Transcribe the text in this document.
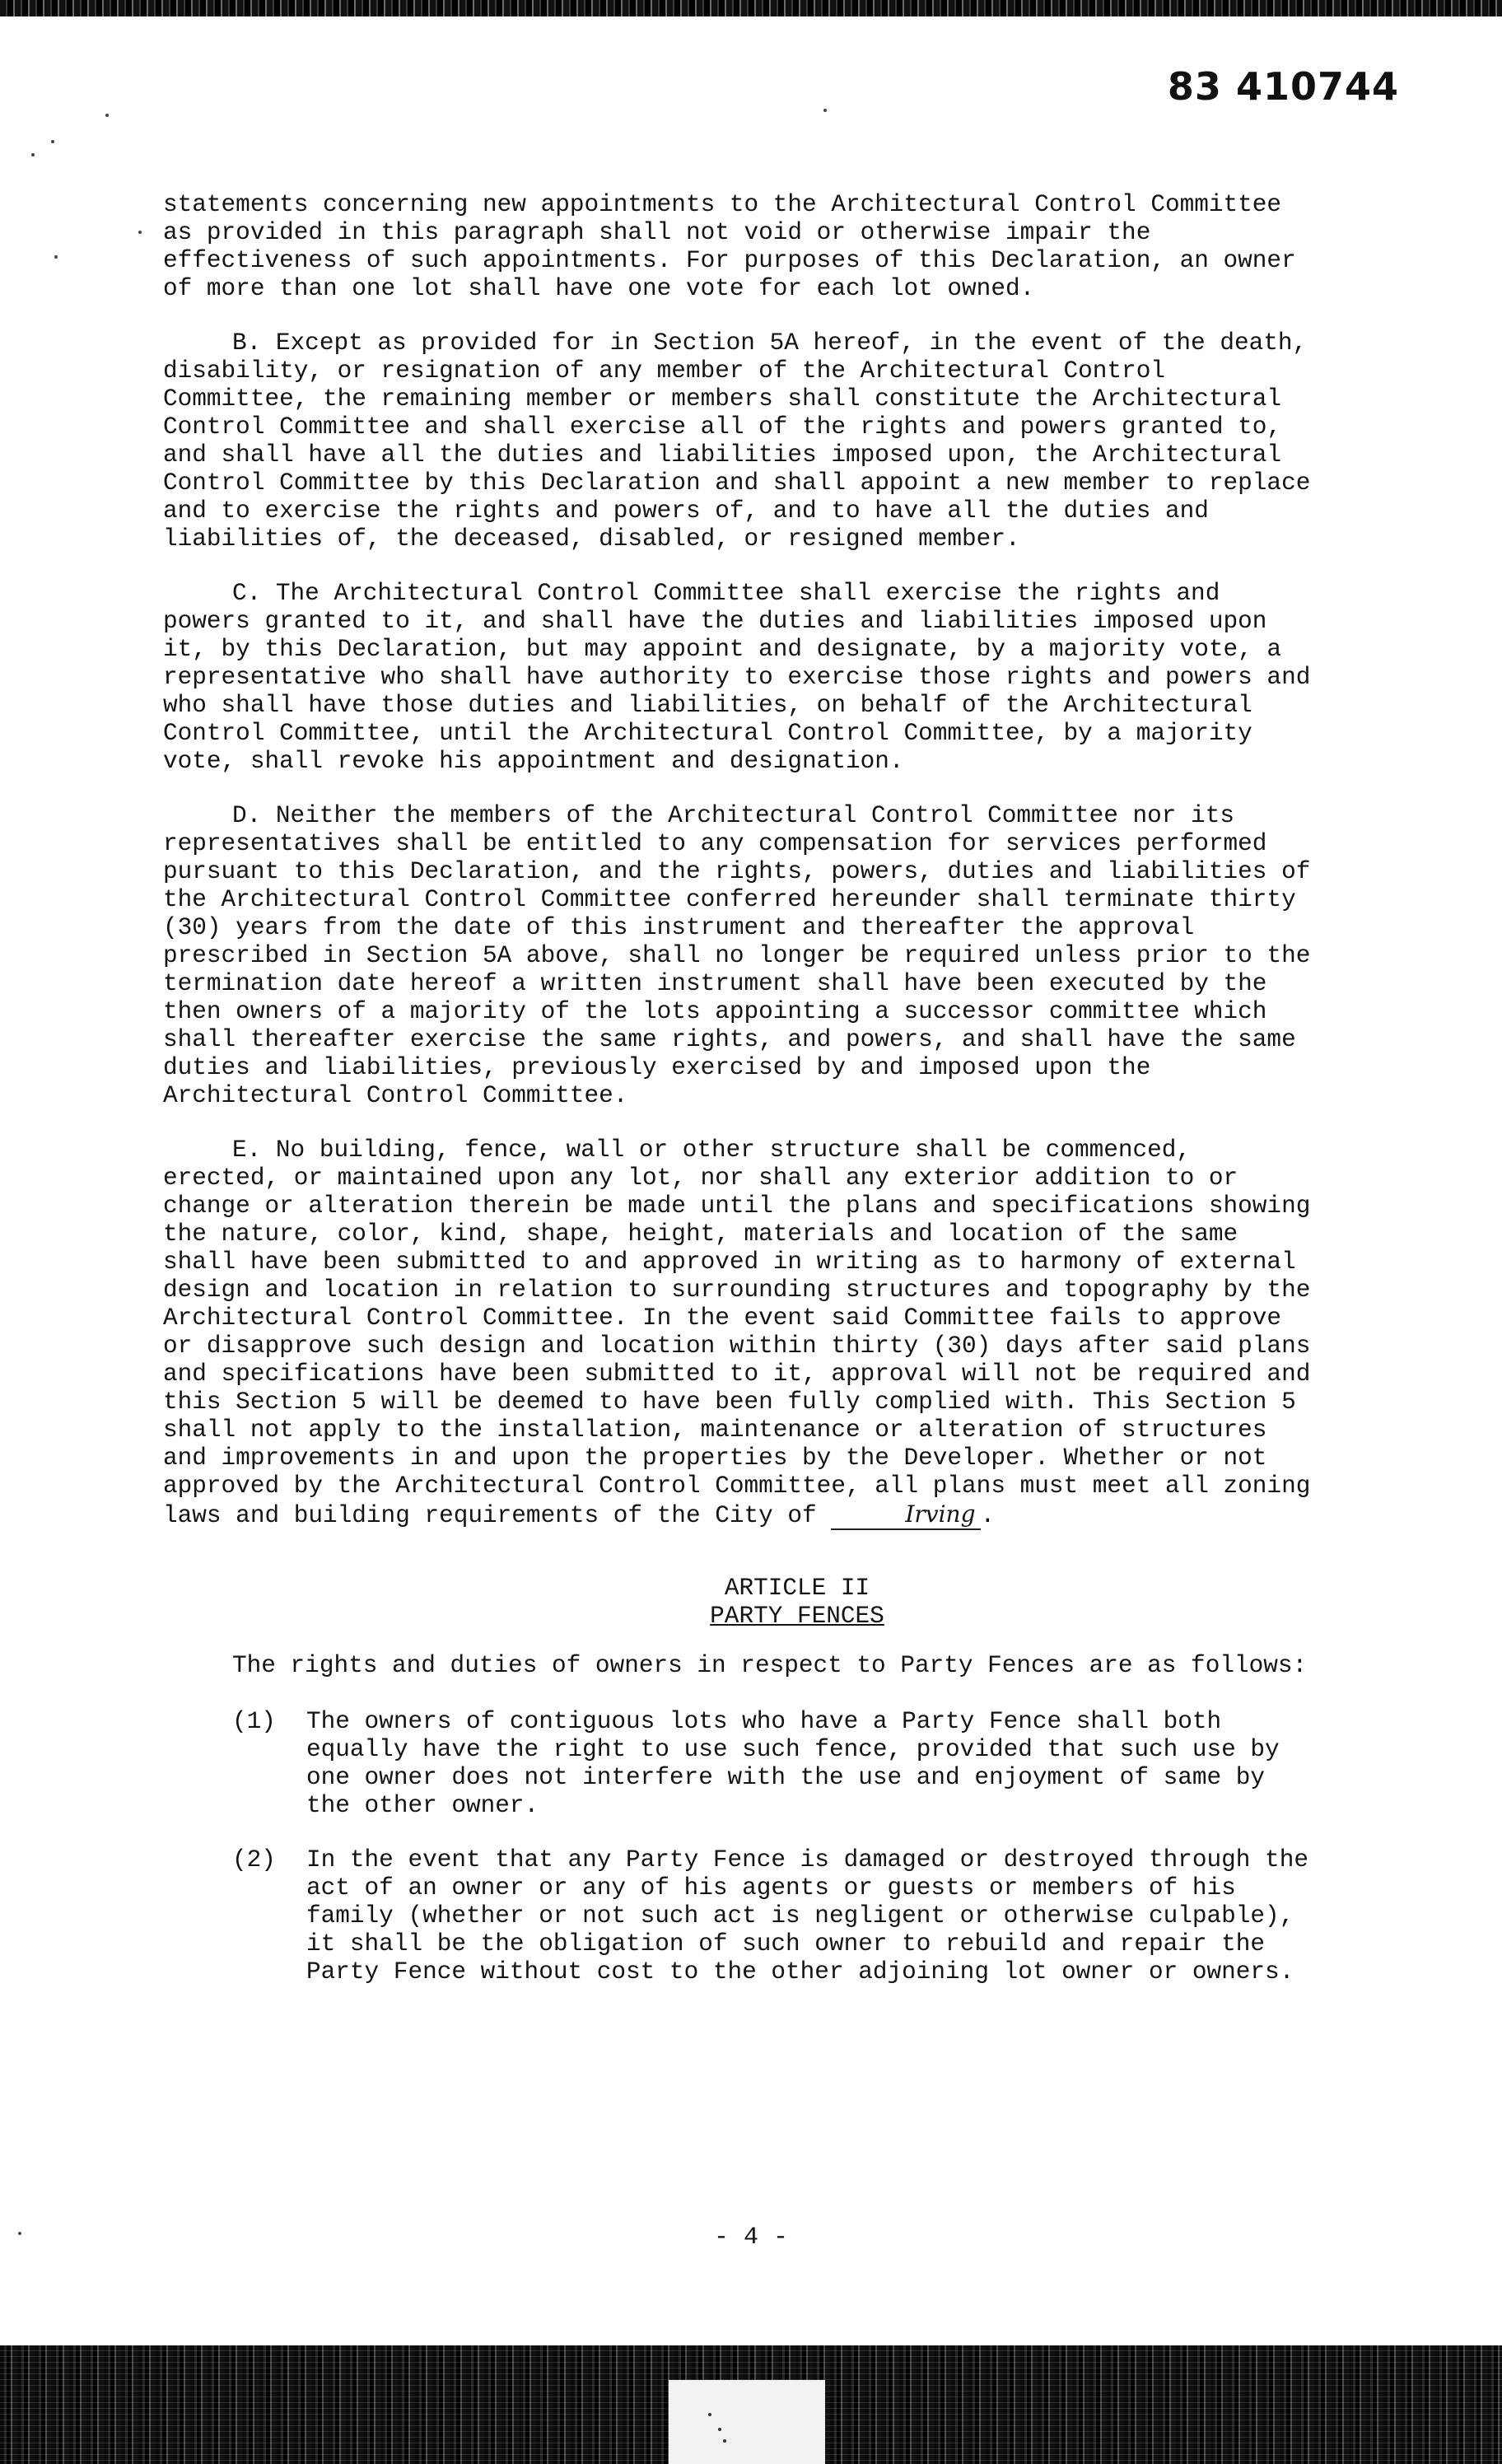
83 410744

statements concerning new appointments to the Architectural Control Committee
as provided in this paragraph shall not void or otherwise impair the
effectiveness of such appointments. For purposes of this Declaration, an owner
of more than one lot shall have one vote for each lot owned.

B. Except as provided for in Section 5A hereof, in the event of the death,
disability, or resignation of any member of the Architectural Control
Committee, the remaining member or members shall constitute the Architectural
Control Committee and shall exercise all of the rights and powers granted to,
and shall have all the duties and liabilities imposed upon, the Architectural
Control Committee by this Declaration and shall appoint a new member to replace
and to exercise the rights and powers of, and to have all the duties and
liabilities of, the deceased, disabled, or resigned member.

C. The Architectural Control Committee shall exercise the rights and
powers granted to it, and shall have the duties and liabilities imposed upon
it, by this Declaration, but may appoint and designate, by a majority vote, a
representative who shall have authority to exercise those rights and powers and
who shall have those duties and liabilities, on behalf of the Architectural
Control Committee, until the Architectural Control Committee, by a majority
vote, shall revoke his appointment and designation.

D. Neither the members of the Architectural Control Committee nor its
representatives shall be entitled to any compensation for services performed
pursuant to this Declaration, and the rights, powers, duties and liabilities of
the Architectural Control Committee conferred hereunder shall terminate thirty
(30) years from the date of this instrument and thereafter the approval
prescribed in Section 5A above, shall no longer be required unless prior to the
termination date hereof a written instrument shall have been executed by the
then owners of a majority of the lots appointing a successor committee which
shall thereafter exercise the same rights, and powers, and shall have the same
duties and liabilities, previously exercised by and imposed upon the
Architectural Control Committee.

E. No building, fence, wall or other structure shall be commenced,
erected, or maintained upon any lot, nor shall any exterior addition to or
change or alteration therein be made until the plans and specifications showing
the nature, color, kind, shape, height, materials and location of the same
shall have been submitted to and approved in writing as to harmony of external
design and location in relation to surrounding structures and topography by the
Architectural Control Committee. In the event said Committee fails to approve
or disapprove such design and location within thirty (30) days after said plans
and specifications have been submitted to it, approval will not be required and
this Section 5 will be deemed to have been fully complied with. This Section 5
shall not apply to the installation, maintenance or alteration of structures
and improvements in and upon the properties by the Developer. Whether or not
approved by the Architectural Control Committee, all plans must meet all zoning
laws and building requirements of the City of	Irving .

ARTICLE II
PARTY FENCES

The rights and duties of owners in respect to Party Fences are as follows:

(1)	The owners of contiguous lots who have a Party Fence shall both
equally have the right to use such fence, provided that such use by
one owner does not interfere with the use and enjoyment of same by
the other owner.
(2)	In the event that any Party Fence is damaged or destroyed through the
act of an owner or any of his agents or guests or members of his
family (whether or not such act is negligent or otherwise culpable),
it shall be the obligation of such owner to rebuild and repair the
Party Fence without cost to the other adjoining lot owner or owners.
- 4 -
